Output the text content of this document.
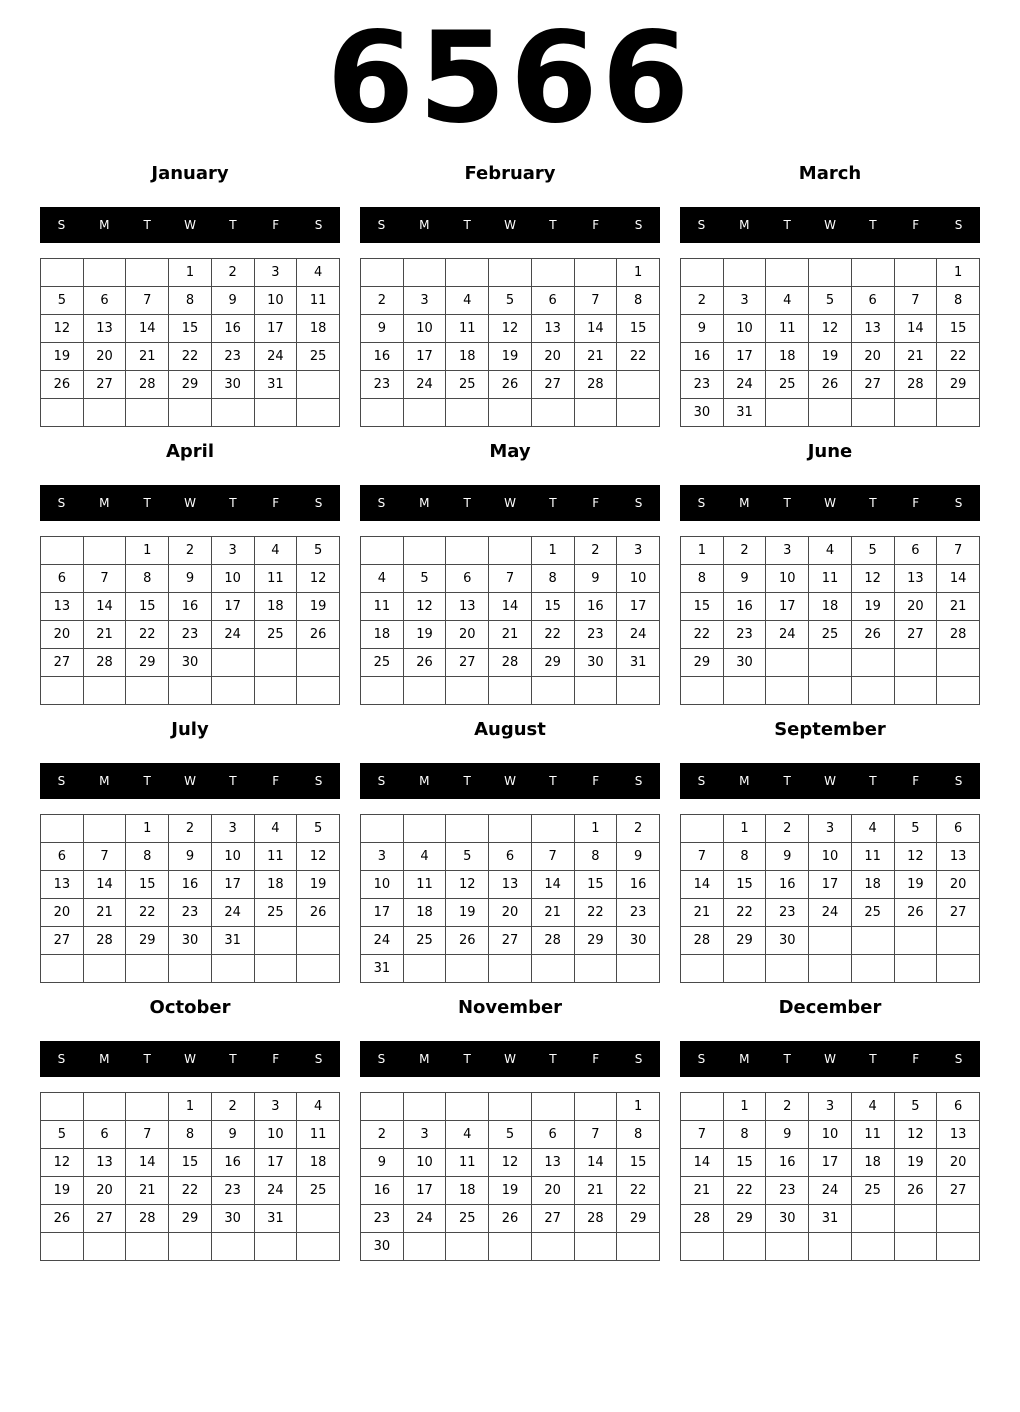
6566
January
S	M	T	W	T	F	S
			1	2	3	4
5	6	7	8	9	10	11
12	13	14	15	16	17	18
19	20	21	22	23	24	25
26	27	28	29	30	31	

February
S	M	T	W	T	F	S
						1
2	3	4	5	6	7	8
9	10	11	12	13	14	15
16	17	18	19	20	21	22
23	24	25	26	27	28	

March
S	M	T	W	T	F	S
						1
2	3	4	5	6	7	8
9	10	11	12	13	14	15
16	17	18	19	20	21	22
23	24	25	26	27	28	29
30	31					
April
S	M	T	W	T	F	S
		1	2	3	4	5
6	7	8	9	10	11	12
13	14	15	16	17	18	19
20	21	22	23	24	25	26
27	28	29	30			

May
S	M	T	W	T	F	S
				1	2	3
4	5	6	7	8	9	10
11	12	13	14	15	16	17
18	19	20	21	22	23	24
25	26	27	28	29	30	31

June
S	M	T	W	T	F	S
1	2	3	4	5	6	7
8	9	10	11	12	13	14
15	16	17	18	19	20	21
22	23	24	25	26	27	28
29	30					

July
S	M	T	W	T	F	S
		1	2	3	4	5
6	7	8	9	10	11	12
13	14	15	16	17	18	19
20	21	22	23	24	25	26
27	28	29	30	31		

August
S	M	T	W	T	F	S
					1	2
3	4	5	6	7	8	9
10	11	12	13	14	15	16
17	18	19	20	21	22	23
24	25	26	27	28	29	30
31						
September
S	M	T	W	T	F	S
	1	2	3	4	5	6
7	8	9	10	11	12	13
14	15	16	17	18	19	20
21	22	23	24	25	26	27
28	29	30				

October
S	M	T	W	T	F	S
			1	2	3	4
5	6	7	8	9	10	11
12	13	14	15	16	17	18
19	20	21	22	23	24	25
26	27	28	29	30	31	

November
S	M	T	W	T	F	S
						1
2	3	4	5	6	7	8
9	10	11	12	13	14	15
16	17	18	19	20	21	22
23	24	25	26	27	28	29
30						
December
S	M	T	W	T	F	S
	1	2	3	4	5	6
7	8	9	10	11	12	13
14	15	16	17	18	19	20
21	22	23	24	25	26	27
28	29	30	31			
